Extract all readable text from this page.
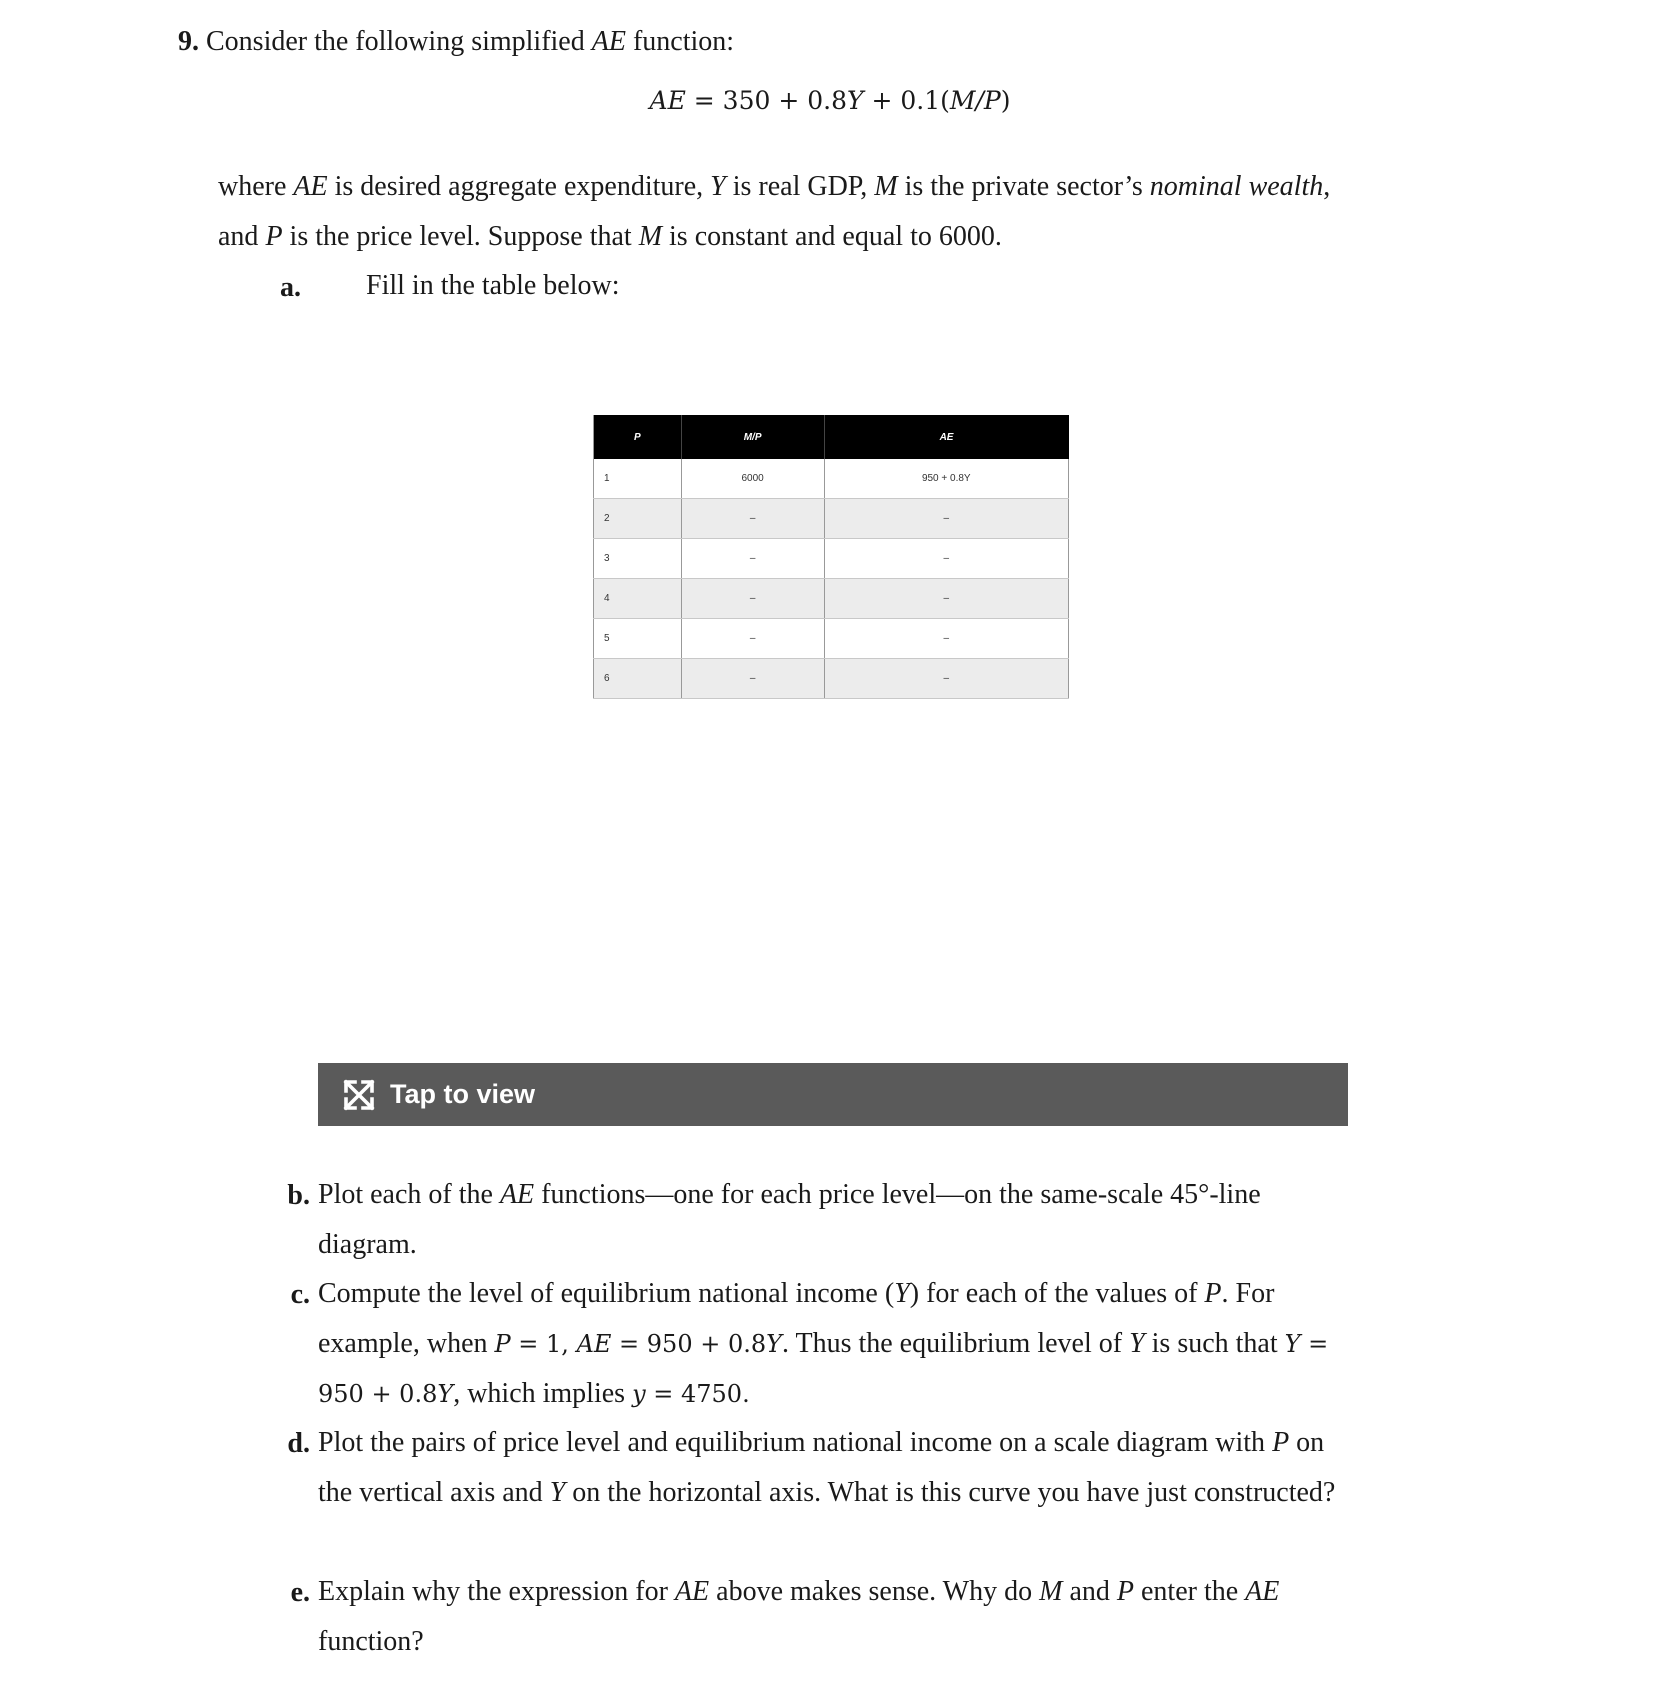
9. Consider the following simplified AE function:
AE = 350 + 0.8Y + 0.1(M/P)
where AE is desired aggregate expenditure, Y is real GDP, M is the private sector’s nominal wealth, and P is the price level. Suppose that M is constant and equal to 6000.
a. Fill in the table below:
P	M/P	AE
1	6000	950 + 0.8Y
2	–	–
3	–	–
4	–	–
5	–	–
6	–	–
Tap to view
b. Plot each of the AE functions—one for each price level—on the same-scale 45°-line diagram.
c. Compute the level of equilibrium national income (Y) for each of the values of P. For example, when P = 1, AE = 950 + 0.8Y. Thus the equilibrium level of Y is such that Y = 950 + 0.8Y, which implies y = 4750.
d. Plot the pairs of price level and equilibrium national income on a scale diagram with P on the vertical axis and Y on the horizontal axis. What is this curve you have just constructed?
e. Explain why the expression for AE above makes sense. Why do M and P enter the AE function?
